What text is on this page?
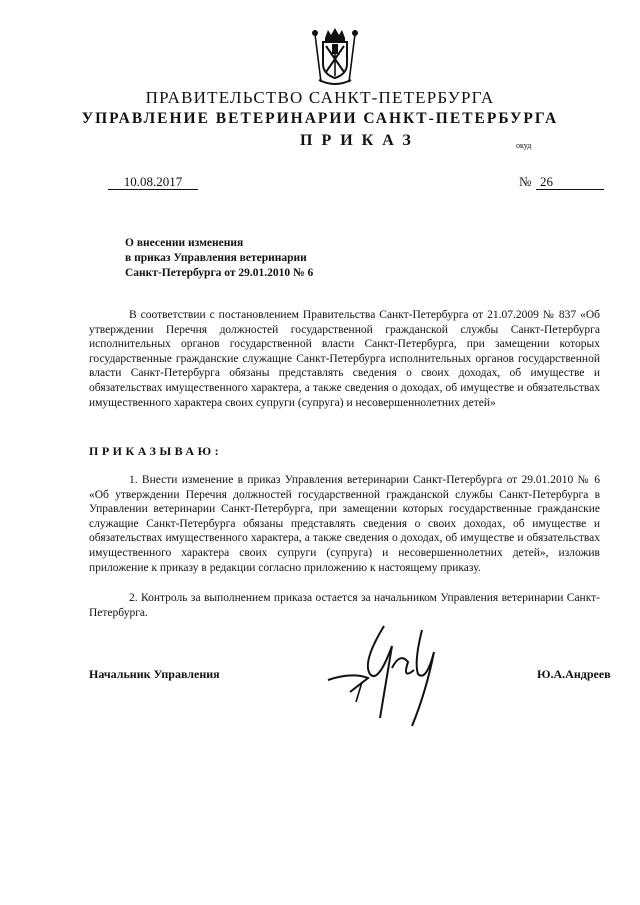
ПРАВИТЕЛЬСТВО САНКТ-ПЕТЕРБУРГА
УПРАВЛЕНИЕ ВЕТЕРИНАРИИ САНКТ-ПЕТЕРБУРГА
ПРИКАЗ	окуд
10.08.2017	№ 26
О внесении изменения
в приказ Управления ветеринарии
Санкт-Петербурга от 29.01.2010 № 6
В соответствии с постановлением Правительства Санкт-Петербурга от 21.07.2009 № 837 «Об утверждении Перечня должностей государственной гражданской службы Санкт-Петербурга исполнительных органов государственной власти Санкт-Петербурга, при замещении которых государственные гражданские служащие Санкт-Петербурга исполнительных органов государственной власти Санкт-Петербурга обязаны представлять сведения о своих доходах, об имуществе и обязательствах имущественного характера, а также сведения о доходах, об имуществе и обязательствах имущественного характера своих супруги (супруга) и несовершеннолетних детей»
ПРИКАЗЫВАЮ:
1. Внести изменение в приказ Управления ветеринарии Санкт-Петербурга от 29.01.2010 № 6 «Об утверждении Перечня должностей государственной гражданской службы Санкт-Петербурга в Управлении ветеринарии Санкт-Петербурга, при замещении которых государственные гражданские служащие Санкт-Петербурга обязаны представлять сведения о своих доходах, об имуществе и обязательствах имущественного характера, а также сведения о доходах, об имуществе и обязательствах имущественного характера своих супруги (супруга) и несовершеннолетних детей», изложив приложение к приказу в редакции согласно приложению к настоящему приказу.
2. Контроль за выполнением приказа остается за начальником Управления ветеринарии Санкт-Петербурга.
Начальник Управления	Ю.А.Андреев
